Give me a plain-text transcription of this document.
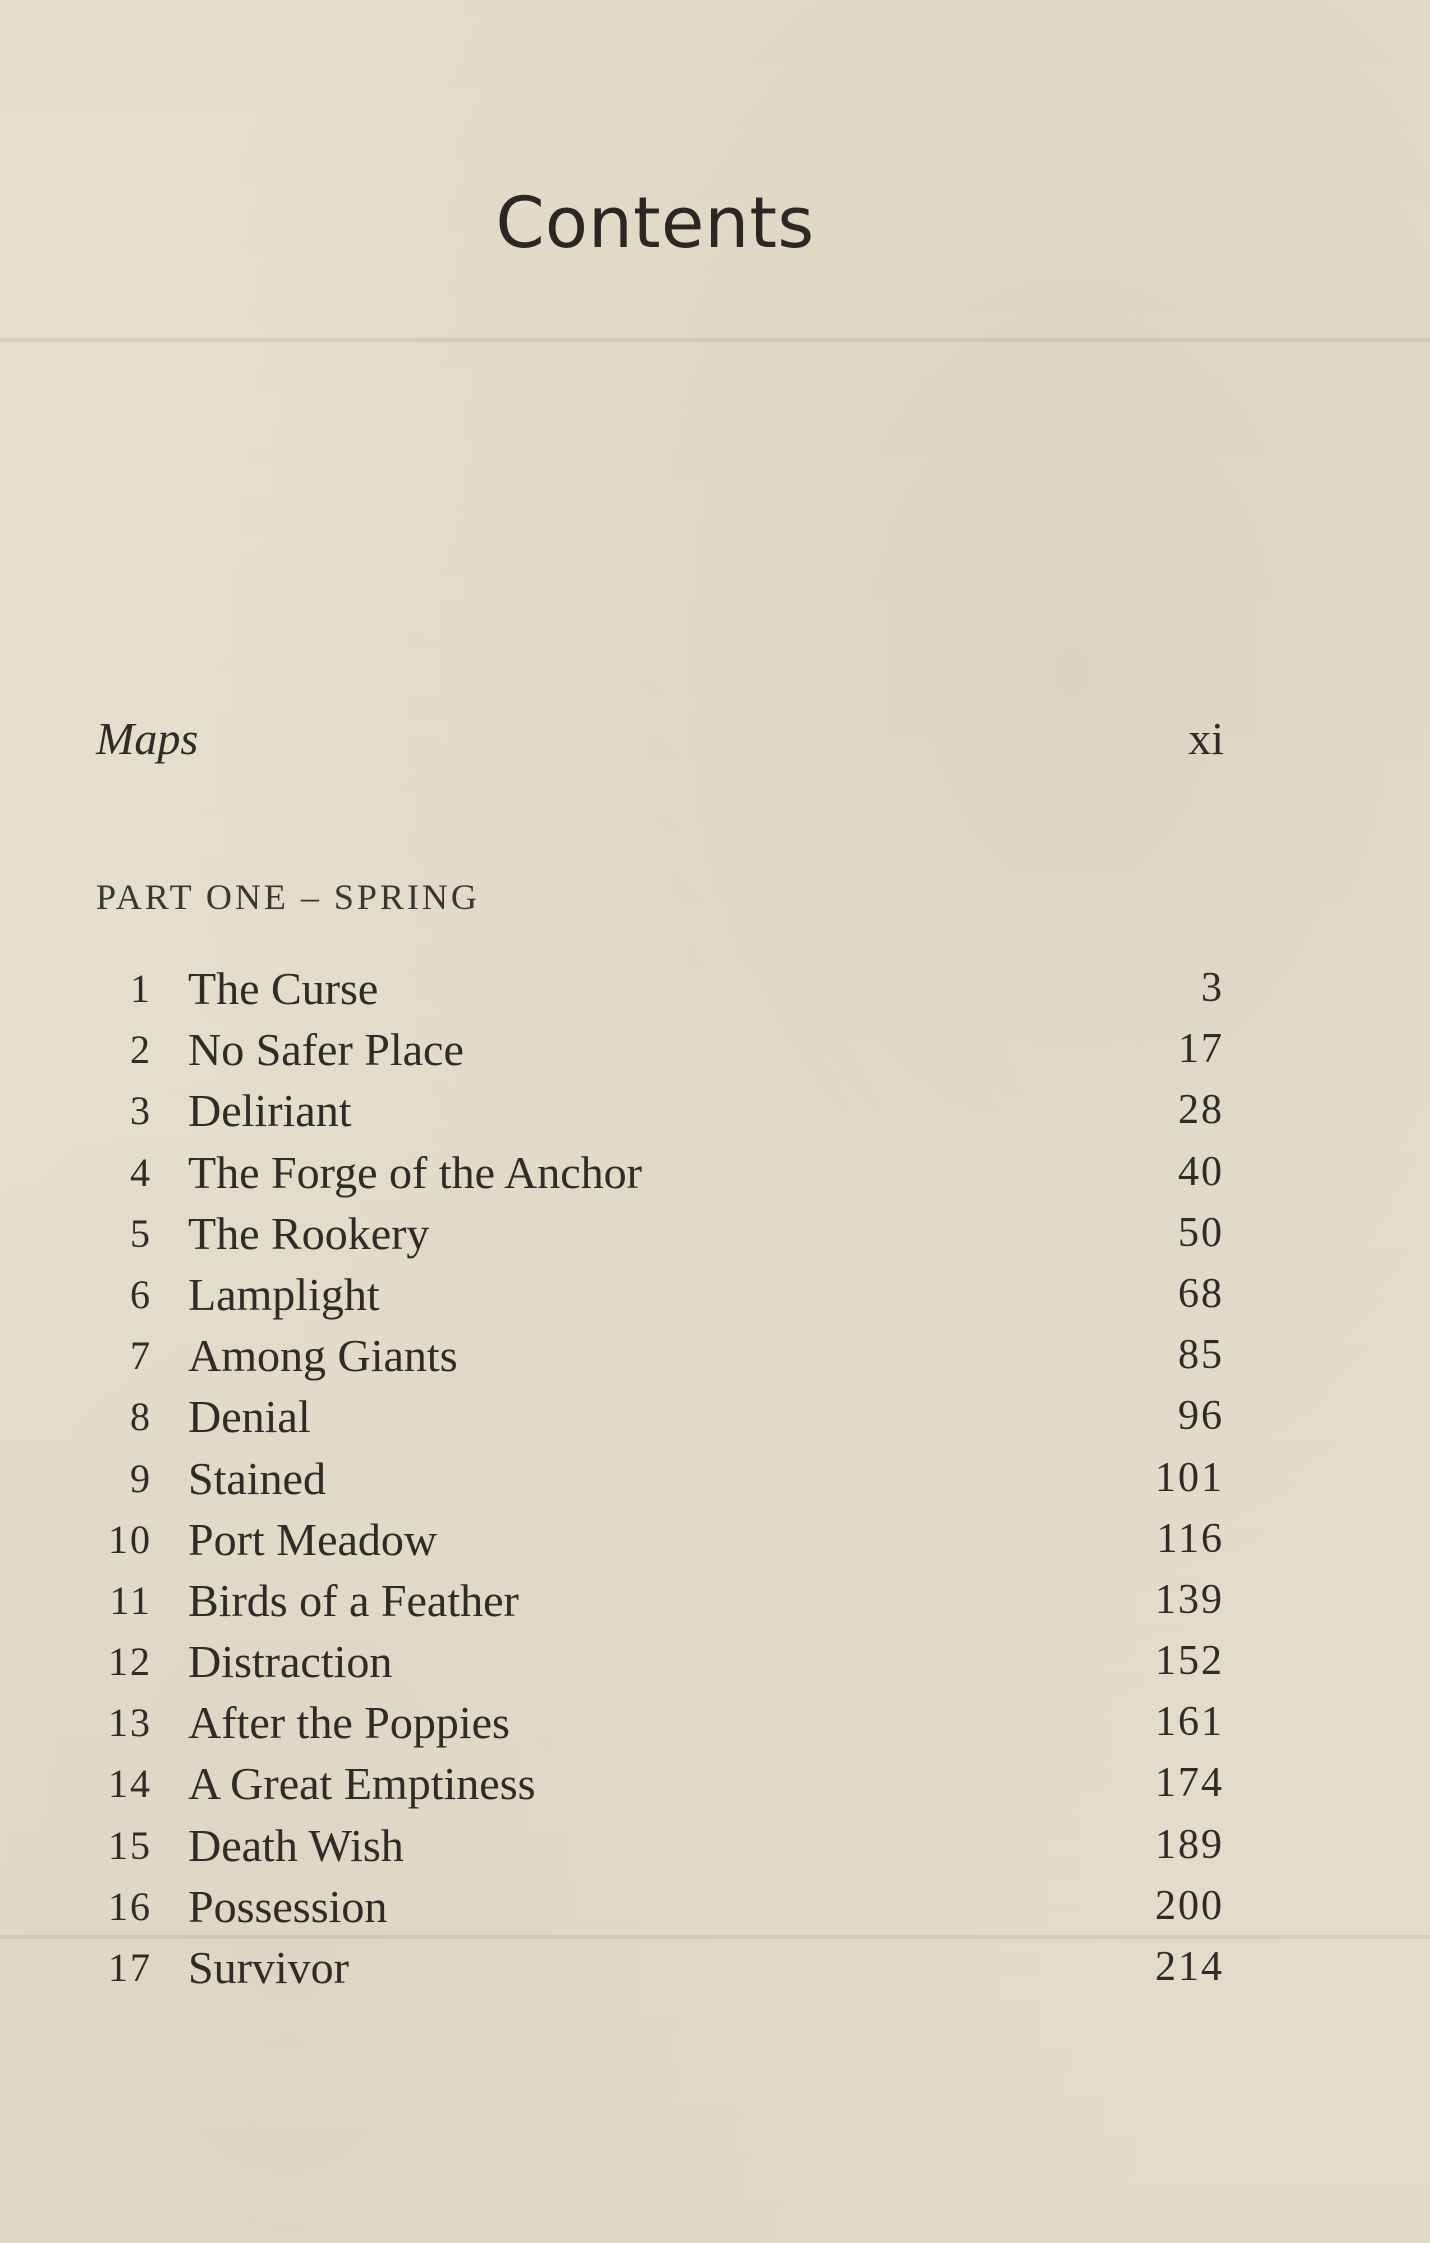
Contents
Maps	xi
PART ONE – SPRING
1 The Curse	3
2 No Safer Place	17
3 Deliriant	28
4 The Forge of the Anchor	40
5 The Rookery	50
6 Lamplight	68
7 Among Giants	85
8 Denial	96
9 Stained	101
10 Port Meadow	116
11 Birds of a Feather	139
12 Distraction	152
13 After the Poppies	161
14 A Great Emptiness	174
15 Death Wish	189
16 Possession	200
17 Survivor	214
